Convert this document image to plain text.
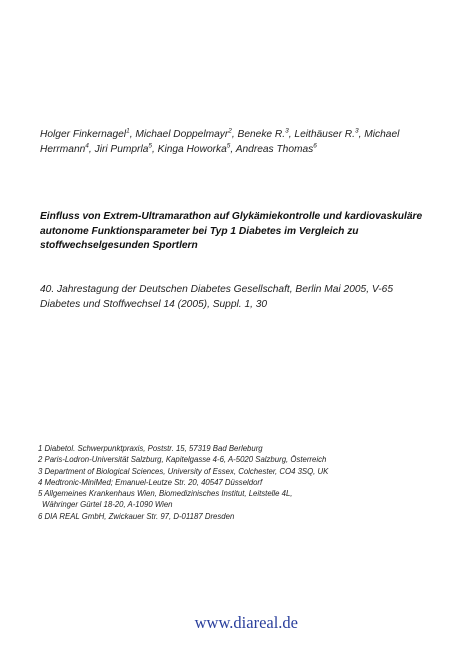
Holger Finkernagel$^1$, Michael Doppelmayr$^2$, Beneke R.$^3$, Leithäuser R.$^3$, Michael Herrmann$^4$, Jiri Pumprla$^5$, Kinga Howorka$^5$, Andreas Thomas$^6$
Einfluss von Extrem-Ultramarathon auf Glykämiekontrolle und kardiovaskuläre autonome Funktionsparameter bei Typ 1 Diabetes im Vergleich zu stoffwechselgesunden Sportlern
40. Jahrestagung der Deutschen Diabetes Gesellschaft, Berlin Mai 2005, V-65
Diabetes und Stoffwechsel 14 (2005), Suppl. 1, 30
1 Diabetol. Schwerpunktpraxis, Poststr. 15, 57319 Bad Berleburg
2 Paris-Lodron-Universität Salzburg, Kapitelgasse 4-6, A-5020 Salzburg, Österreich
3 Department of Biological Sciences, University of Essex, Colchester, CO4 3SQ, UK
4 Medtronic-MiniMed; Emanuel-Leutze Str. 20, 40547 Düsseldorf
5 Allgemeines Krankenhaus Wien, Biomedizinisches Institut, Leitstelle 4L,
Währinger Gürtel 18-20, A-1090 Wien
6 DIA REAL GmbH, Zwickauer Str. 97, D-01187 Dresden
www.diareal.de
